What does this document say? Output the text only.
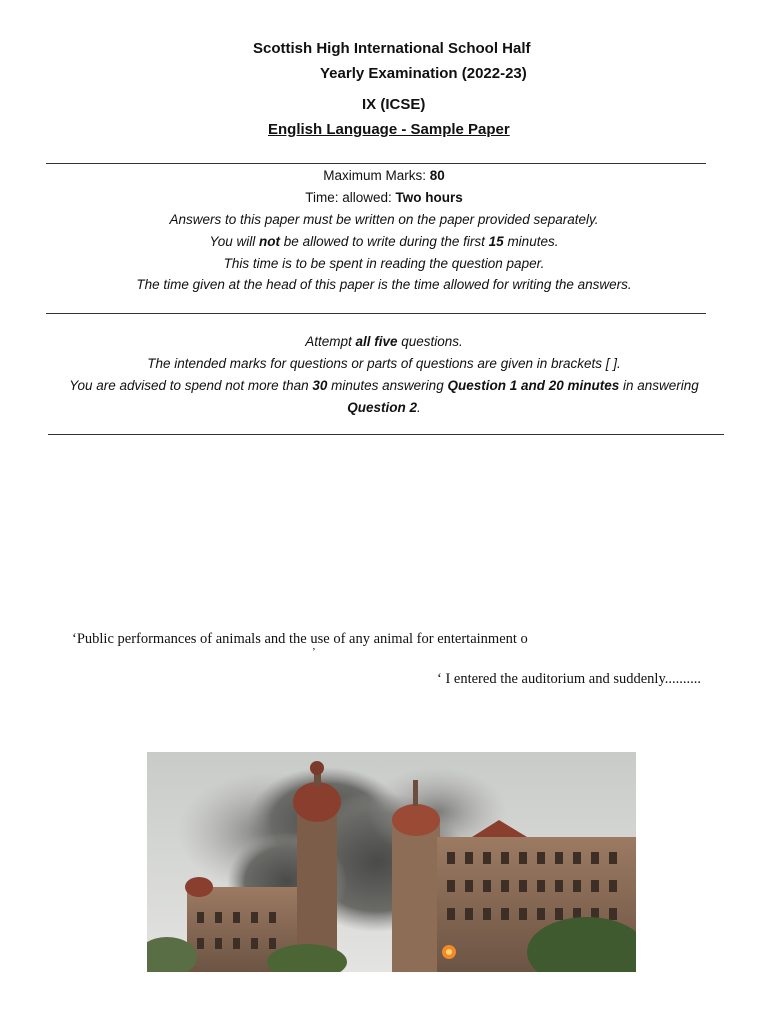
Scottish High International School Half
Yearly Examination (2022-23)
IX (ICSE)
English Language - Sample Paper
Maximum Marks: 80
Time: allowed: Two hours
Answers to this paper must be written on the paper provided separately.
You will not be allowed to write during the first 15 minutes.
This time is to be spent in reading the question paper.
The time given at the head of this paper is the time allowed for writing the answers.
Attempt all five questions.
The intended marks for questions or parts of questions are given in brackets [ ].
You are advised to spend not more than 30 minutes answering Question 1 and 20 minutes in answering
Question 2.
‘Public performances of animals and the use of any animal for entertainment o
’
‘ I entered the auditorium and suddenly..........
